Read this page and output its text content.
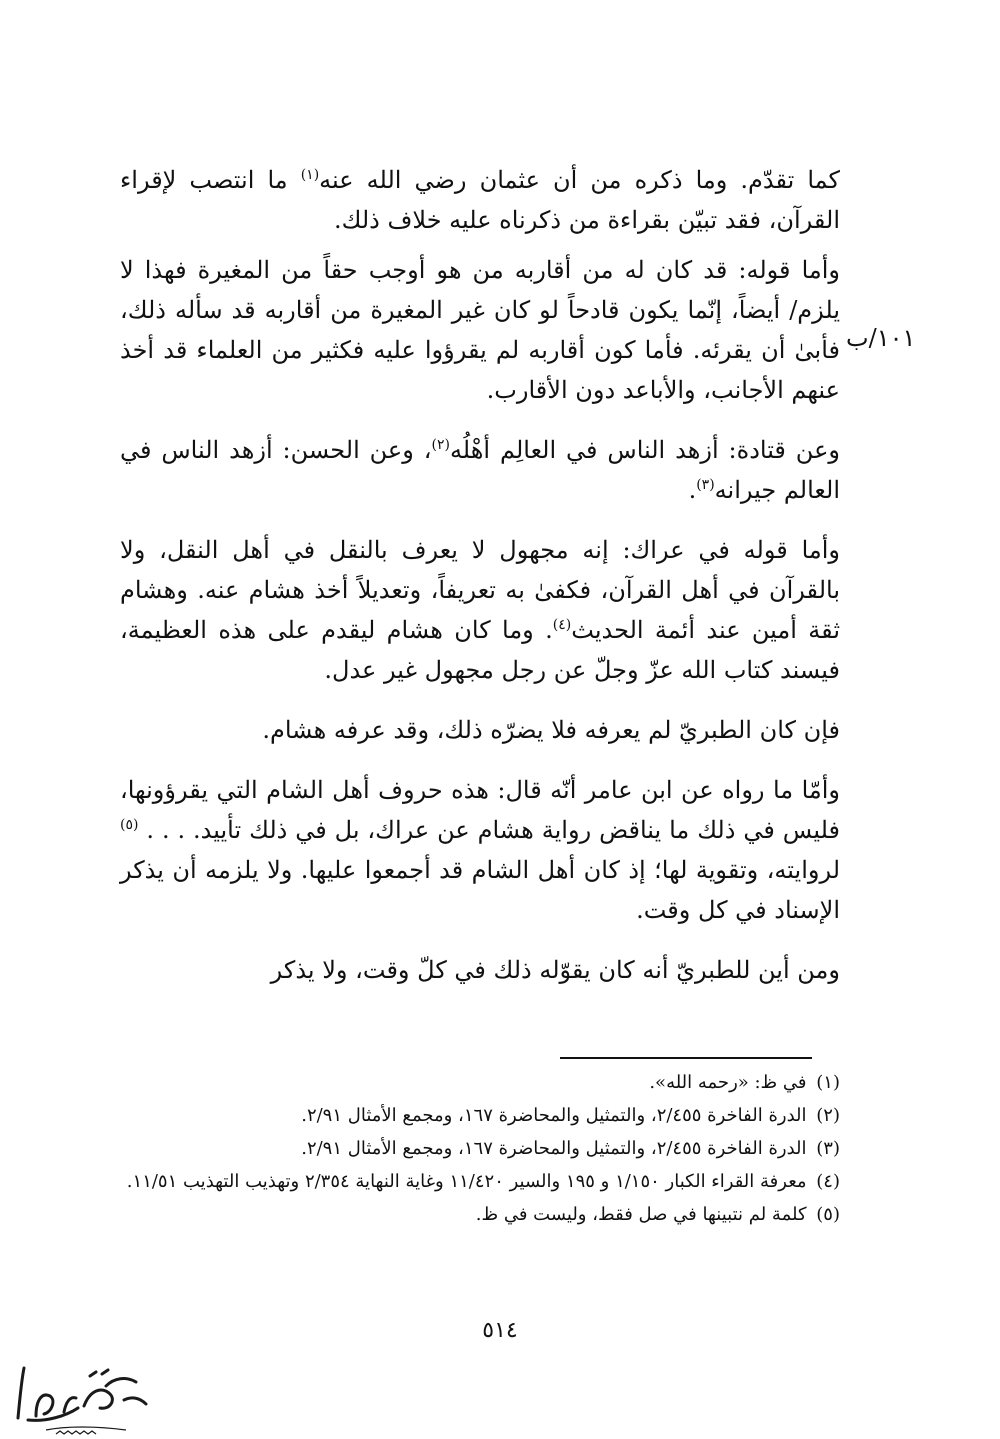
١٠١/ب

كما تقدّم. وما ذكره من أن عثمان رضي الله عنه$^{(١)}$ ما انتصب لإقراء القرآن، فقد تبيّن بقراءة من ذكرناه عليه خلاف ذلك.

وأما قوله: قد كان له من أقاربه من هو أوجب حقاً من المغيرة فهذا لا يلزم/ أيضاً، إنّما يكون قادحاً لو كان غير المغيرة من أقاربه قد سأله ذلك، فأبىٰ أن يقرئه. فأما كون أقاربه لم يقرؤوا عليه فكثير من العلماء قد أخذ عنهم الأجانب، والأباعد دون الأقارب.

وعن قتادة: أزهد الناس في العالِم أهْلُه$^{(٢)}$، وعن الحسن: أزهد الناس في العالم جيرانه$^{(٣)}$.

وأما قوله في عراك: إنه مجهول لا يعرف بالنقل في أهل النقل، ولا بالقرآن في أهل القرآن، فكفىٰ به تعريفاً، وتعديلاً أخذ هشام عنه. وهشام ثقة أمين عند أئمة الحديث$^{(٤)}$. وما كان هشام ليقدم على هذه العظيمة، فيسند كتاب الله عزّ وجلّ عن رجل مجهول غير عدل.

فإن كان الطبريّ لم يعرفه فلا يضرّه ذلك، وقد عرفه هشام.

وأمّا ما رواه عن ابن عامر أنّه قال: هذه حروف أهل الشام التي يقرؤونها، فليس في ذلك ما يناقض رواية هشام عن عراك، بل في ذلك تأييد. . . . $^{(٥)}$ لروايته، وتقوية لها؛ إذ كان أهل الشام قد أجمعوا عليها. ولا يلزمه أن يذكر الإسناد في كل وقت.

ومن أين للطبريّ أنه كان يقوّله ذلك في كلّ وقت، ولا يذكر

(١) في ظ: «رحمه الله».

(٢) الدرة الفاخرة ٢/٤٥٥، والتمثيل والمحاضرة ١٦٧، ومجمع الأمثال ٢/٩١.

(٣) الدرة الفاخرة ٢/٤٥٥، والتمثيل والمحاضرة ١٦٧، ومجمع الأمثال ٢/٩١.

(٤) معرفة القراء الكبار ١/١٥٠ و ١٩٥ والسير ١١/٤٢٠ وغاية النهاية ٢/٣٥٤ وتهذيب التهذيب ١١/٥١.

(٥) كلمة لم نتبينها في صل فقط، وليست في ظ.

٥١٤
